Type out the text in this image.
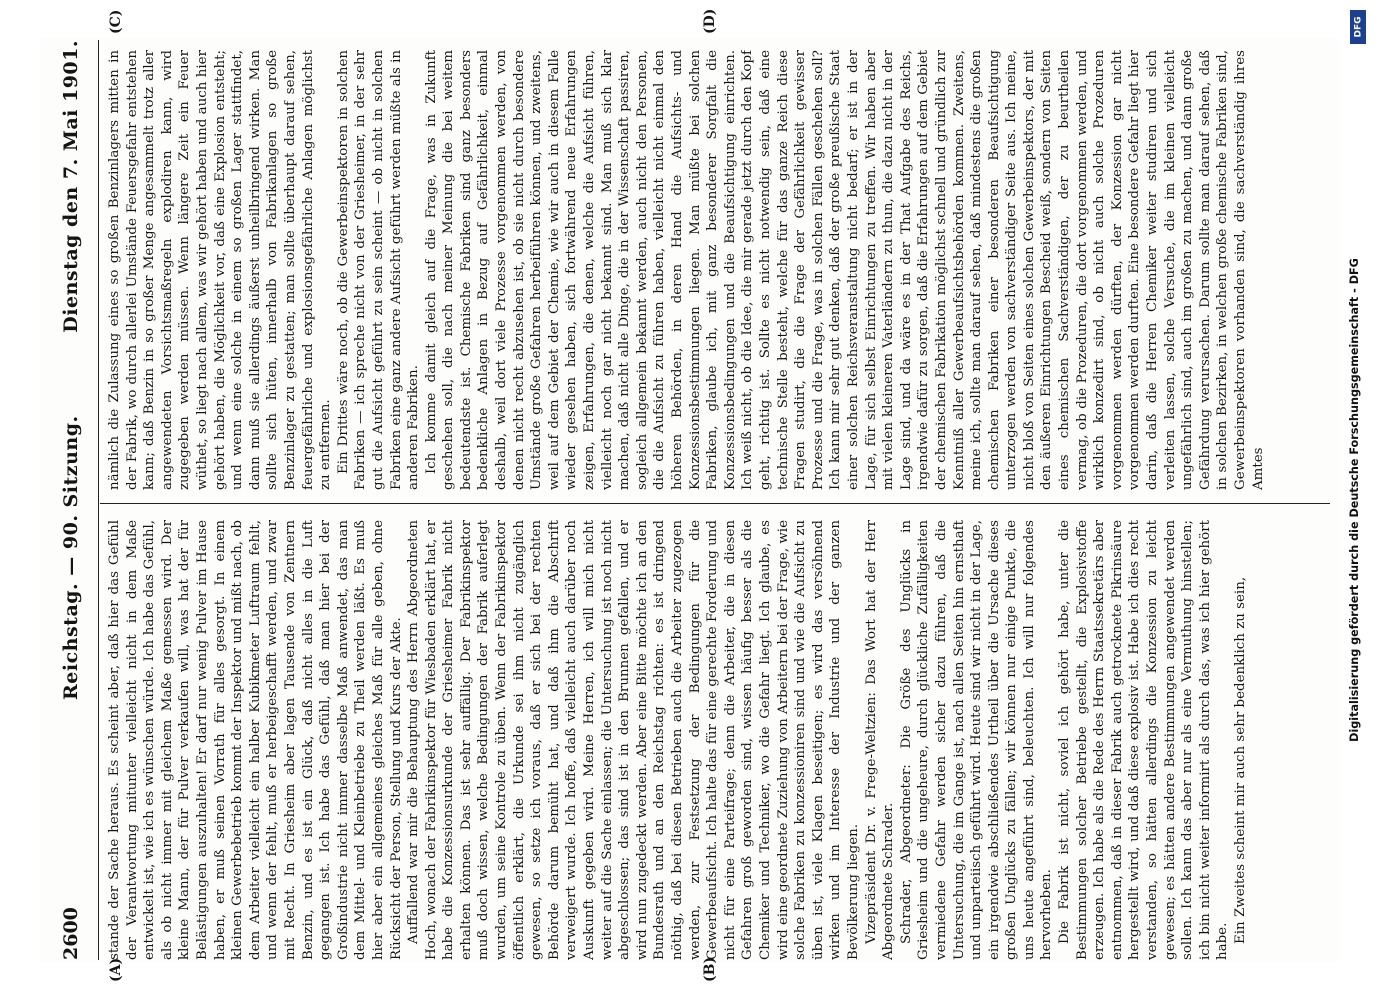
2600
Reichstag. — 90. Sitzung.
Dienstag den 7. Mai 1901.
(A)	(B)
(C)	(D)

stande der Sache heraus. Es scheint aber, daß hier das Gefühl der Verantwortung mitunter vielleicht nicht in dem Maße entwickelt ist, wie ich es wünschen würde. Ich habe das Gefühl, als ob nicht immer mit gleichem Maße gemessen wird. Der kleine Mann, der für Pulver verkaufen will, was hat der für Belästigungen auszuhalten! Er darf nur wenig Pulver im Hause haben, er muß seinen Vorrath für alles gesorgt. In einem kleinen Gewerbebetrieb kommt der Inspektor und mißt nach, ob dem Arbeiter vielleicht ein halber Kubikmeter Luftraum fehlt, und wenn der fehlt, muß er herbeigeschafft werden, und zwar mit Recht. In Griesheim aber lagen Tausende von Zentnern Benzin, und es ist ein Glück, daß nicht alles in die Luft gegangen ist. Ich habe das Gefühl, daß man hier bei der Großindustrie nicht immer dasselbe Maß anwendet, das man dem Mittel- und Kleinbetriebe zu Theil werden läßt. Es muß hier aber ein allgemeines gleiches Maß für alle geben, ohne Rücksicht der Person, Stellung und Kurs der Akte. Auffallend war mir die Behauptung des Herrn Abgeordneten Hoch, wonach der Fabrikinspektor für Wiesbaden erklärt hat, er habe die Konzessionsurkunde der Griesheimer Fabrik nicht erhalten können. Das ist sehr auffällig. Der Fabrikinspektor muß doch wissen, welche Bedingungen der Fabrik auferlegt wurden, um seine Kontrole zu üben. Wenn der Fabrikinspektor öffentlich erklärt, die Urkunde sei ihm nicht zugänglich gewesen, so setze ich voraus, daß er sich bei der rechten Behörde darum bemüht hat, und daß ihm die Abschrift verweigert wurde. Ich hoffe, daß vielleicht auch darüber noch Auskunft gegeben wird. Meine Herren, ich will mich nicht weiter auf die Sache einlassen; die Untersuchung ist noch nicht abgeschlossen; das sind ist in den Brunnen gefallen, und er wird nun zugedeckt werden. Aber eine Bitte möchte ich an den Bundesrath und an den Reichstag richten: es ist dringend nöthig, daß bei diesen Betrieben auch die Arbeiter zugezogen werden, zur Festsetzung der Bedingungen für die Gewerbeaufsicht. Ich halte das für eine gerechte Forderung und nicht für eine Parteifrage; denn die Arbeiter, die in diesen Gefahren groß geworden sind, wissen häufig besser als die Chemiker und Techniker, wo die Gefahr liegt. Ich glaube, es wird eine geordnete Zuziehung von Arbeitern bei der Frage, wie solche Fabriken zu konzessioniren sind und wie die Aufsicht zu üben ist, viele Klagen beseitigen; es wird das versöhnend wirken und im Interesse der Industrie und der ganzen Bevölkerung liegen. Vizepräsident Dr. v. Frege-Weltzien: Das Wort hat der Herr Abgeordnete Schrader. Schrader, Abgeordneter: Die Größe des Unglücks in Griesheim und die ungeheure, durch glückliche Zufälligkeiten vermiedene Gefahr werden sicher dazu führen, daß die Untersuchung, die im Gange ist, nach allen Seiten hin ernsthaft und unparteiisch geführt wird. Heute sind wir nicht in der Lage, ein irgendwie abschließendes Urtheil über die Ursache dieses großen Unglücks zu fällen; wir können nur einige Punkte, die uns heute angeführt sind, beleuchten. Ich will nur folgendes hervorheben. Die Fabrik ist nicht, soviel ich gehört habe, unter die Bestimmungen solcher Betriebe gestellt, die Explosivstoffe erzeugen. Ich habe als die Rede des Herrn Staatssekretärs aber entnommen, daß in dieser Fabrik auch getrocknete Pikrinsäure hergestellt wird, und daß diese explosiv ist. Habe ich dies recht verstanden, so hätten allerdings die Konzession zu leicht gewesen; es hätten andere Bestimmungen angewendet werden sollen. Ich kann das aber nur als eine Vermuthung hinstellen; ich bin nicht weiter informirt als durch das, was ich hier gehört habe. Ein Zweites scheint mir auch sehr bedenklich zu sein,

nämlich die Zulassung eines so großen Benzinlagers mitten in der Fabrik, wo durch allerlei Umstände Feuersgefahr entstehen kann; daß Benzin in so großer Menge angesammelt trotz aller angewendeten Vorsichtsmaßregeln explodiren kann, wird zugegeben werden müssen. Wenn längere Zeit ein Feuer wüthet, so liegt nach allem, was wir gehört haben und auch hier gehört haben, die Möglichkeit vor, daß eine Explosion entsteht; und wenn eine solche in einem so großen Lager stattfindet, dann muß sie allerdings äußerst unheilbringend wirken. Man sollte sich hüten, innerhalb von Fabrikanlagen so große Benzinlager zu gestatten; man sollte überhaupt darauf sehen, feuergefährliche und explosionsgefährliche Anlagen möglichst zu entfernen. Ein Drittes wäre noch, ob die Gewerbeinspektoren in solchen Fabriken — ich spreche nicht von der Griesheimer, in der sehr gut die Aufsicht geführt zu sein scheint — ob nicht in solchen Fabriken eine ganz andere Aufsicht geführt werden müßte als in anderen Fabriken. Ich komme damit gleich auf die Frage, was in Zukunft geschehen soll, die nach meiner Meinung die bei weitem bedeutendste ist. Chemische Fabriken sind ganz besonders bedenkliche Anlagen in Bezug auf Gefährlichkeit, einmal deshalb, weil dort viele Prozesse vorgenommen werden, von denen nicht recht abzusehen ist, ob sie nicht durch besondere Umstände große Gefahren herbeiführen können, und zweitens, weil auf dem Gebiet der Chemie, wie wir auch in diesem Falle wieder gesehen haben, sich fortwährend neue Erfahrungen zeigen, Erfahrungen, die denen, welche die Aufsicht führen, vielleicht noch gar nicht bekannt sind. Man muß sich klar machen, daß nicht alle Dinge, die in der Wissenschaft passiren, sogleich allgemein bekannt werden, auch nicht den Personen, die die Aufsicht zu führen haben, vielleicht nicht einmal den höheren Behörden, in deren Hand die Aufsichts- und Konzessionsbestimmungen liegen. Man müßte bei solchen Fabriken, glaube ich, mit ganz besonderer Sorgfalt die Konzessionsbedingungen und die Beaufsichtigung einrichten. Ich weiß nicht, ob die Idee, die mir gerade jetzt durch den Kopf geht, richtig ist. Sollte es nicht notwendig sein, daß eine technische Stelle besteht, welche für das ganze Reich diese Fragen studirt, die die Frage der Gefährlichkeit gewisser Prozesse und die Frage, was in solchen Fällen geschehen soll? Ich kann mir sehr gut denken, daß der große preußische Staat einer solchen Reichsveranstaltung nicht bedarf; er ist in der Lage, für sich selbst Einrichtungen zu treffen. Wir haben aber mit vielen kleineren Vaterländern zu thun, die dazu nicht in der Lage sind, und da wäre es in der That Aufgabe des Reichs, irgendwie dafür zu sorgen, daß die Erfahrungen auf dem Gebiet der chemischen Fabrikation möglichst schnell und gründlich zur Kenntniß aller Gewerbeaufsichtsbehörden kommen. Zweitens, meine ich, sollte man darauf sehen, daß mindestens die großen chemischen Fabriken einer besonderen Beaufsichtigung unterzogen werden von sachverständiger Seite aus. Ich meine, nicht bloß von Seiten eines solchen Gewerbeinspektors, der mit den äußeren Einrichtungen Bescheid weiß, sondern von Seiten eines chemischen Sachverständigen, der zu beurtheilen vermag, ob die Prozeduren, die dort vorgenommen werden, und wirklich konzedirt sind, ob nicht auch solche Prozeduren vorgenommen werden dürften, der Konzession gar nicht vorgenommen werden durften. Eine besondere Gefahr liegt hier darin, daß die Herren Chemiker weiter studiren und sich verleiten lassen, solche Versuche, die im kleinen vielleicht ungefährlich sind, auch im großen zu machen, und dann große Gefährdung verursachen. Darum sollte man darauf sehen, daß in solchen Bezirken, in welchen große chemische Fabriken sind, Gewerbeinspektoren vorhanden sind, die sachverständig ihres Amtes

DFG
Digitalisierung gefördert durch die Deutsche Forschungsgemeinschaft - DFG
